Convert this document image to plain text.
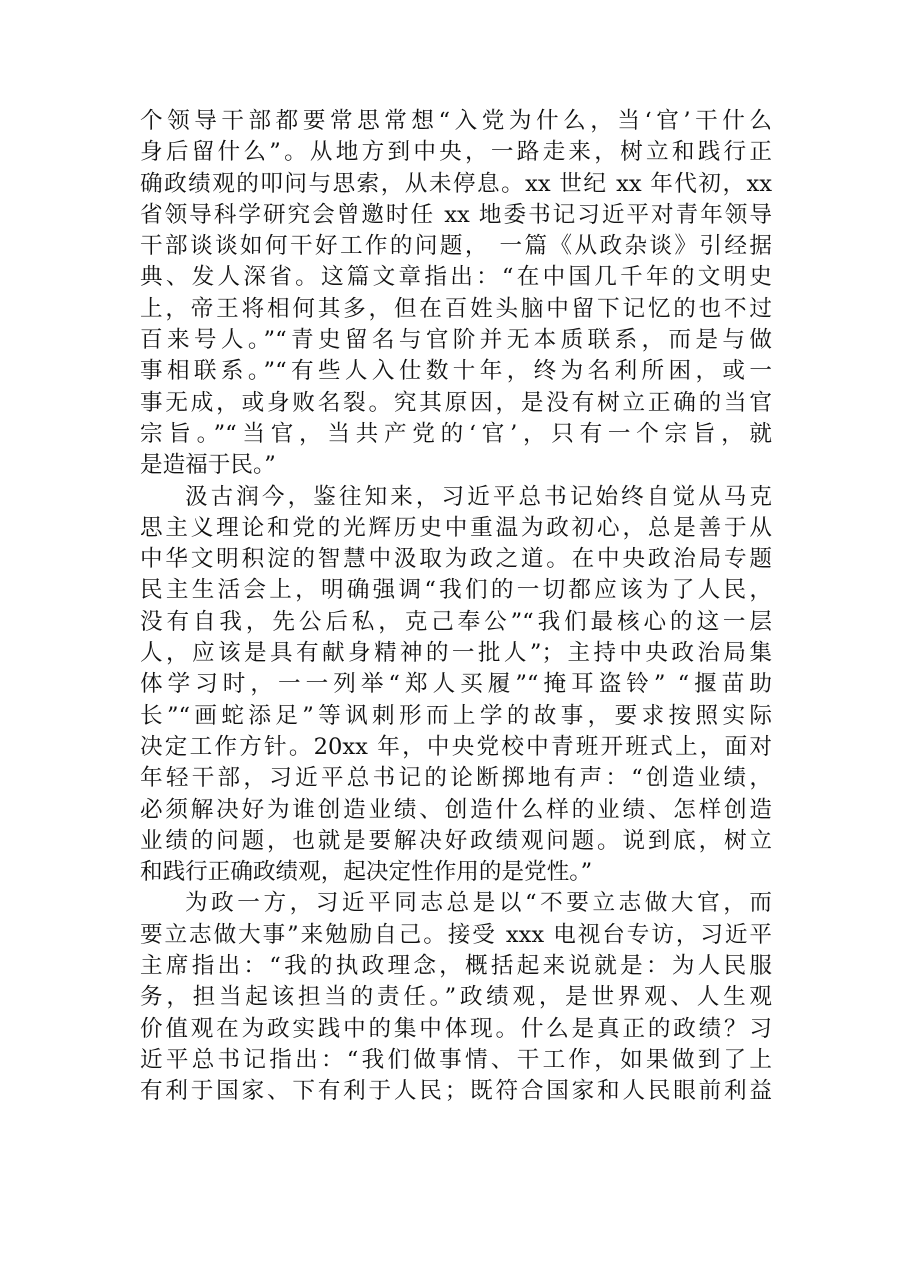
个领导干部都要常思常想“入党为什么，当‘官’干什么
身后留什么”。从地方到中央，一路走来，树立和践行正
确政绩观的叩问与思索，从未停息。xx 世纪 xx 年代初，xx
省领导科学研究会曾邀时任 xx 地委书记习近平对青年领导
干部谈谈如何干好工作的问题， 一篇《从政杂谈》引经据
典、发人深省。这篇文章指出：“在中国几千年的文明史
上，帝王将相何其多，但在百姓头脑中留下记忆的也不过
百来号人。”“青史留名与官阶并无本质联系，而是与做
事相联系。”“有些人入仕数十年，终为名利所困，或一
事无成，或身败名裂。究其原因，是没有树立正确的当官
宗旨。”“当官，当共产党的‘官’，只有一个宗旨，就
是造福于民。”
汲古润今，鉴往知来，习近平总书记始终自觉从马克
思主义理论和党的光辉历史中重温为政初心，总是善于从
中华文明积淀的智慧中汲取为政之道。在中央政治局专题
民主生活会上，明确强调“我们的一切都应该为了人民，
没有自我，先公后私，克己奉公”“我们最核心的这一层
人，应该是具有献身精神的一批人”；主持中央政治局集
体学习时，一一列举“郑人买履”“掩耳盗铃” “揠苗助
长”“画蛇添足”等讽刺形而上学的故事，要求按照实际
决定工作方针。20xx 年，中央党校中青班开班式上，面对
年轻干部，习近平总书记的论断掷地有声：“创造业绩，
必须解决好为谁创造业绩、创造什么样的业绩、怎样创造
业绩的问题，也就是要解决好政绩观问题。说到底，树立
和践行正确政绩观，起决定性作用的是党性。”
为政一方，习近平同志总是以“不要立志做大官，而
要立志做大事”来勉励自己。接受 xxx 电视台专访，习近平
主席指出：“我的执政理念，概括起来说就是：为人民服
务，担当起该担当的责任。”政绩观，是世界观、人生观
价值观在为政实践中的集中体现。什么是真正的政绩？习
近平总书记指出：“我们做事情、干工作，如果做到了上
有利于国家、下有利于人民；既符合国家和人民眼前利益
